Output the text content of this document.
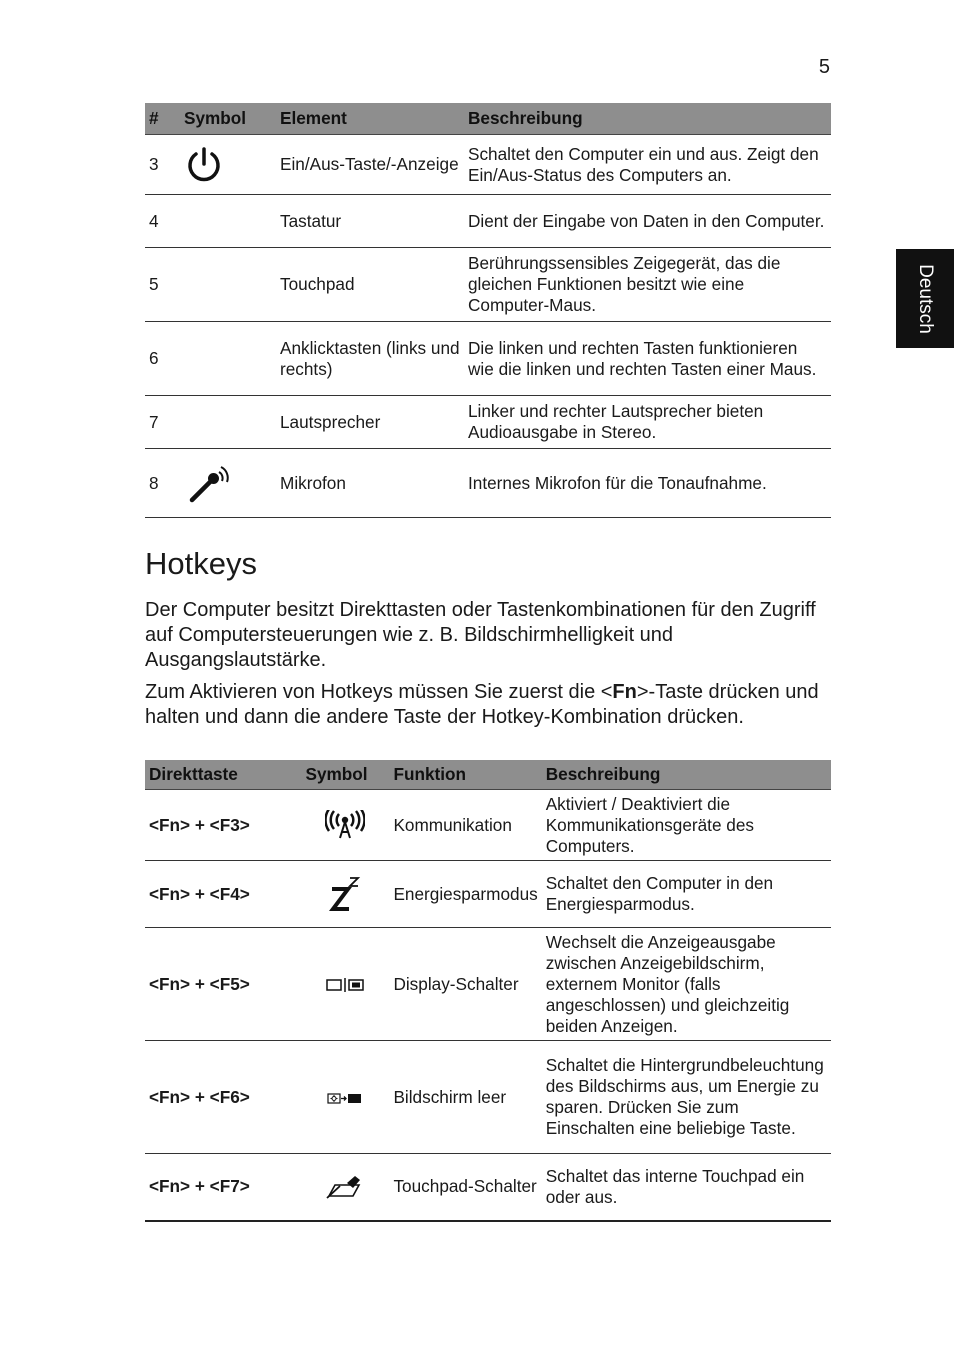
5
Deutsch
#	Symbol	Element	Beschreibung
3		Ein/Aus-Taste/-Anzeige	Schaltet den Computer ein und aus. Zeigt den Ein/Aus-Status des Computers an.
4		Tastatur	Dient der Eingabe von Daten in den Computer.
5		Touchpad	Berührungssensibles Zeigegerät, das die gleichen Funktionen besitzt wie eine Computer-Maus.
6		Anklicktasten (links und rechts)	Die linken und rechten Tasten funktionieren wie die linken und rechten Tasten einer Maus.
7		Lautsprecher	Linker und rechter Lautsprecher bieten Audioausgabe in Stereo.
8		Mikrofon	Internes Mikrofon für die Tonaufnahme.
Hotkeys

Der Computer besitzt Direkttasten oder Tastenkombinationen für den Zugriff auf Computersteuerungen wie z. B. Bildschirmhelligkeit und Ausgangslautstärke.

Zum Aktivieren von Hotkeys müssen Sie zuerst die <Fn>-Taste drücken und halten und dann die andere Taste der Hotkey-Kombination drücken.

Direkttaste	Symbol	Funktion	Beschreibung
<Fn> + <F3>		Kommunikation	Aktiviert / Deaktiviert die Kommunikationsgeräte des Computers.
<Fn> + <F4>		Energiesparmodus	Schaltet den Computer in den Energiesparmodus.
<Fn> + <F5>		Display-Schalter	Wechselt die Anzeigeausgabe zwischen Anzeigebildschirm, externem Monitor (falls angeschlossen) und gleichzeitig beiden Anzeigen.
<Fn> + <F6>		Bildschirm leer	Schaltet die Hintergrundbeleuchtung des Bildschirms aus, um Energie zu sparen. Drücken Sie zum Einschalten eine beliebige Taste.
<Fn> + <F7>		Touchpad-Schalter	Schaltet das interne Touchpad ein oder aus.
